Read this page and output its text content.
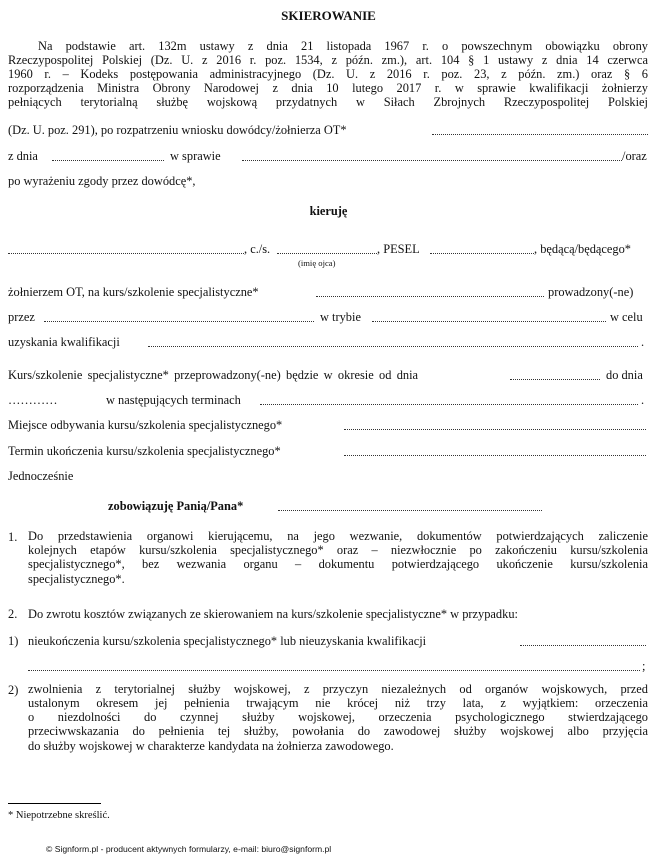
SKIEROWANIE
Na podstawie art. 132m ustawy z dnia 21 listopada 1967 r. o powszechnym obowiązku obrony
Rzeczypospolitej Polskiej (Dz. U. z 2016 r. poz. 1534, z późn. zm.), art. 104 § 1 ustawy z dnia 14 czerwca
1960 r. – Kodeks postępowania administracyjnego (Dz. U. z 2016 r. poz. 23, z późn. zm.) oraz § 6
rozporządzenia Ministra Obrony Narodowej z dnia 10 lutego 2017 r. w sprawie kwalifikacji żołnierzy
pełniących terytorialną służbę wojskową przydatnych w Siłach Zbrojnych Rzeczypospolitej Polskiej
(Dz. U. poz. 291), po rozpatrzeniu wniosku dowódcy/żołnierza OT*
z dnia	w sprawie	/oraz
po wyrażeniu zgody przez dowódcę*,
kieruję
, c./s.	, PESEL	, będącą/będącego*
(imię ojca)
żołnierzem OT, na kurs/szkolenie specjalistyczne*	prowadzony(-ne)
przez	w trybie	w celu
uzyskania kwalifikacji	.
Kurs/szkolenie specjalistyczne* przeprowadzony(-ne) będzie w okresie od dnia	do dnia
…………	w następujących terminach	.
Miejsce odbywania kursu/szkolenia specjalistycznego*
Termin ukończenia kursu/szkolenia specjalistycznego*
Jednocześnie
zobowiązuję Panią/Pana*
1. Do przedstawienia organowi kierującemu, na jego wezwanie, dokumentów potwierdzających zaliczenie
kolejnych etapów kursu/szkolenia specjalistycznego* oraz – niezwłocznie po zakończeniu kursu/szkolenia
specjalistycznego*, bez wezwania organu – dokumentu potwierdzającego ukończenie kursu/szkolenia
specjalistycznego*.
2. Do zwrotu kosztów związanych ze skierowaniem na kurs/szkolenie specjalistyczne* w przypadku:
1) nieukończenia kursu/szkolenia specjalistycznego* lub nieuzyskania kwalifikacji
;
2) zwolnienia z terytorialnej służby wojskowej, z przyczyn niezależnych od organów wojskowych, przed
ustalonym okresem jej pełnienia trwającym nie krócej niż trzy lata, z wyjątkiem: orzeczenia
o niezdolności do czynnej służby wojskowej, orzeczenia psychologicznego stwierdzającego
przeciwwskazania do pełnienia tej służby, powołania do zawodowej służby wojskowej albo przyjęcia
do służby wojskowej w charakterze kandydata na żołnierza zawodowego.
* Niepotrzebne skreślić.
© Signform.pl - producent aktywnych formularzy, e-mail: biuro@signform.pl
